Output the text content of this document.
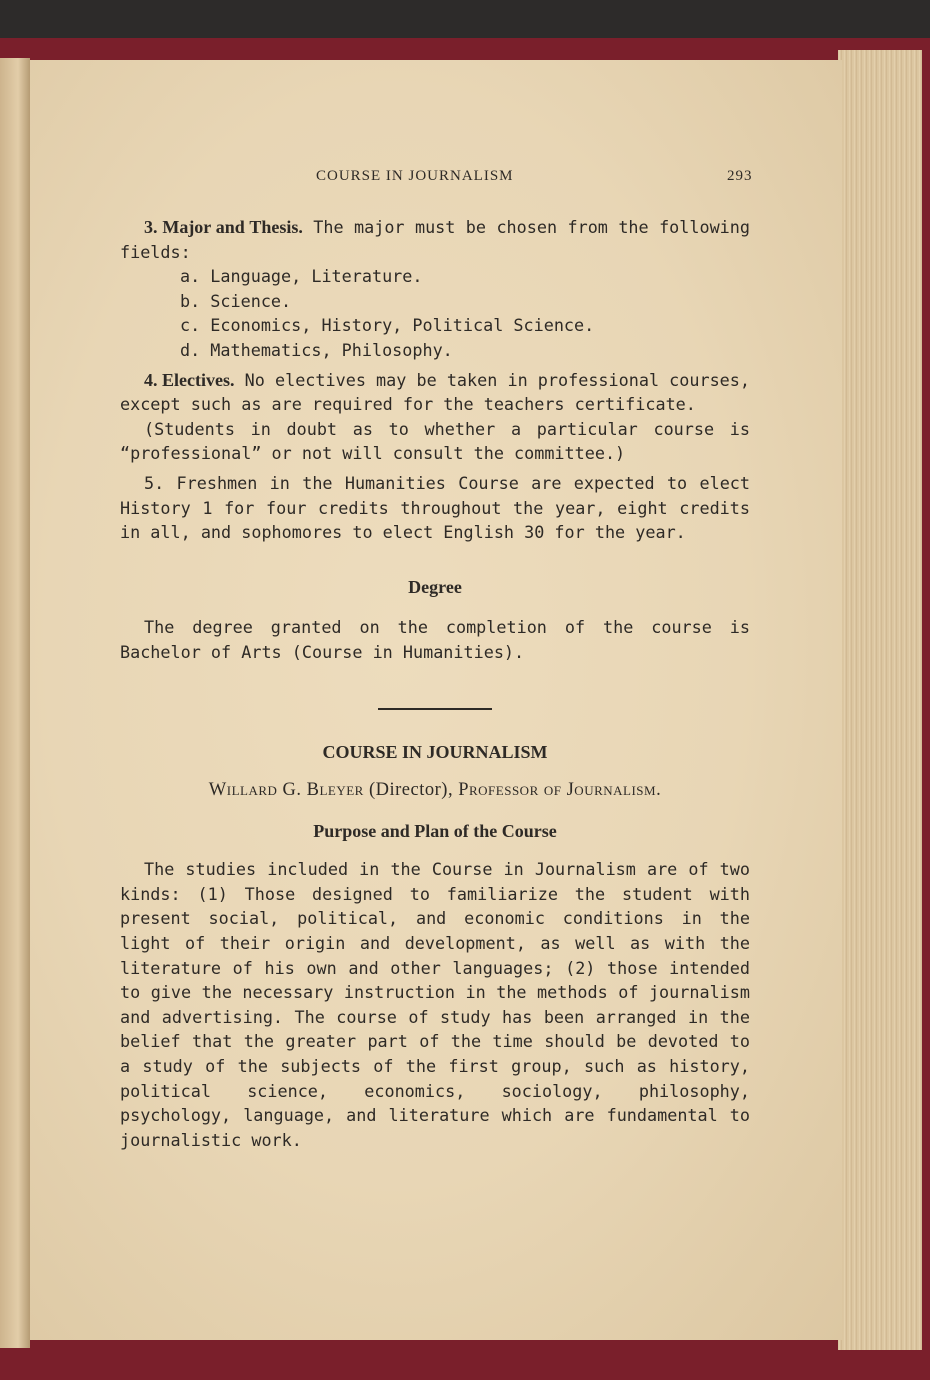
COURSE IN JOURNALISM	293

3. Major and Thesis. The major must be chosen from the following fields:

a. Language, Literature.
b. Science.
c. Economics, History, Political Science.
d. Mathematics, Philosophy.

4. Electives. No electives may be taken in professional courses, except such as are required for the teachers certificate.

(Students in doubt as to whether a particular course is “professional” or not will consult the committee.)

5. Freshmen in the Humanities Course are expected to elect History 1 for four credits throughout the year, eight credits in all, and sophomores to elect English 30 for the year.

Degree

The degree granted on the completion of the course is Bachelor of Arts (Course in Humanities).

COURSE IN JOURNALISM
Willard G. Bleyer (Director), Professor of Journalism.
Purpose and Plan of the Course

The studies included in the Course in Journalism are of two kinds: (1) Those designed to familiarize the student with present social, political, and economic conditions in the light of their origin and development, as well as with the literature of his own and other languages; (2) those intended to give the necessary instruction in the methods of journalism and advertising. The course of study has been arranged in the belief that the greater part of the time should be devoted to a study of the subjects of the first group, such as history, political science, economics, sociology, philosophy, psychology, language, and literature which are fundamental to journalistic work.
